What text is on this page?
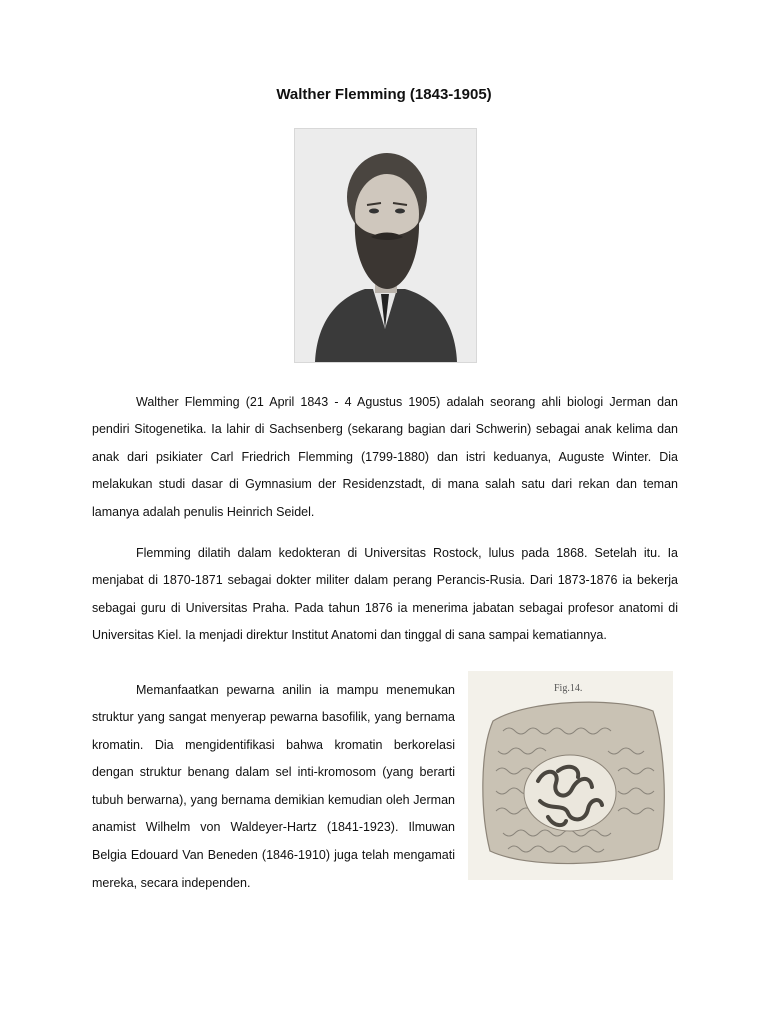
Walther Flemming (1843-1905)

Walther Flemming (21 April 1843 - 4 Agustus 1905) adalah seorang ahli biologi Jerman dan pendiri Sitogenetika. Ia lahir di Sachsenberg (sekarang bagian dari Schwerin) sebagai anak kelima dan anak dari psikiater Carl Friedrich Flemming (1799-1880) dan istri keduanya, Auguste Winter. Dia melakukan studi dasar di Gymnasium der Residenzstadt, di mana salah satu dari rekan dan teman lamanya adalah penulis Heinrich Seidel.

Flemming dilatih dalam kedokteran di Universitas Rostock, lulus pada 1868. Setelah itu. Ia menjabat di 1870-1871 sebagai dokter militer dalam perang Perancis-Rusia. Dari 1873-1876 ia bekerja sebagai guru di Universitas Praha. Pada tahun 1876 ia menerima jabatan sebagai profesor anatomi di Universitas Kiel. Ia menjadi direktur Institut Anatomi dan tinggal di sana sampai kematiannya.

Memanfaatkan pewarna anilin ia mampu menemukan struktur yang sangat menyerap pewarna basofilik, yang bernama kromatin. Dia mengidentifikasi bahwa kromatin berkorelasi dengan struktur benang dalam sel inti-kromosom (yang berarti tubuh berwarna), yang bernama demikian kemudian oleh Jerman anamist Wilhelm von Waldeyer-Hartz (1841-1923). Ilmuwan Belgia Edouard Van Beneden (1846-1910) juga telah mengamati mereka, secara independen.

Fig.14.
